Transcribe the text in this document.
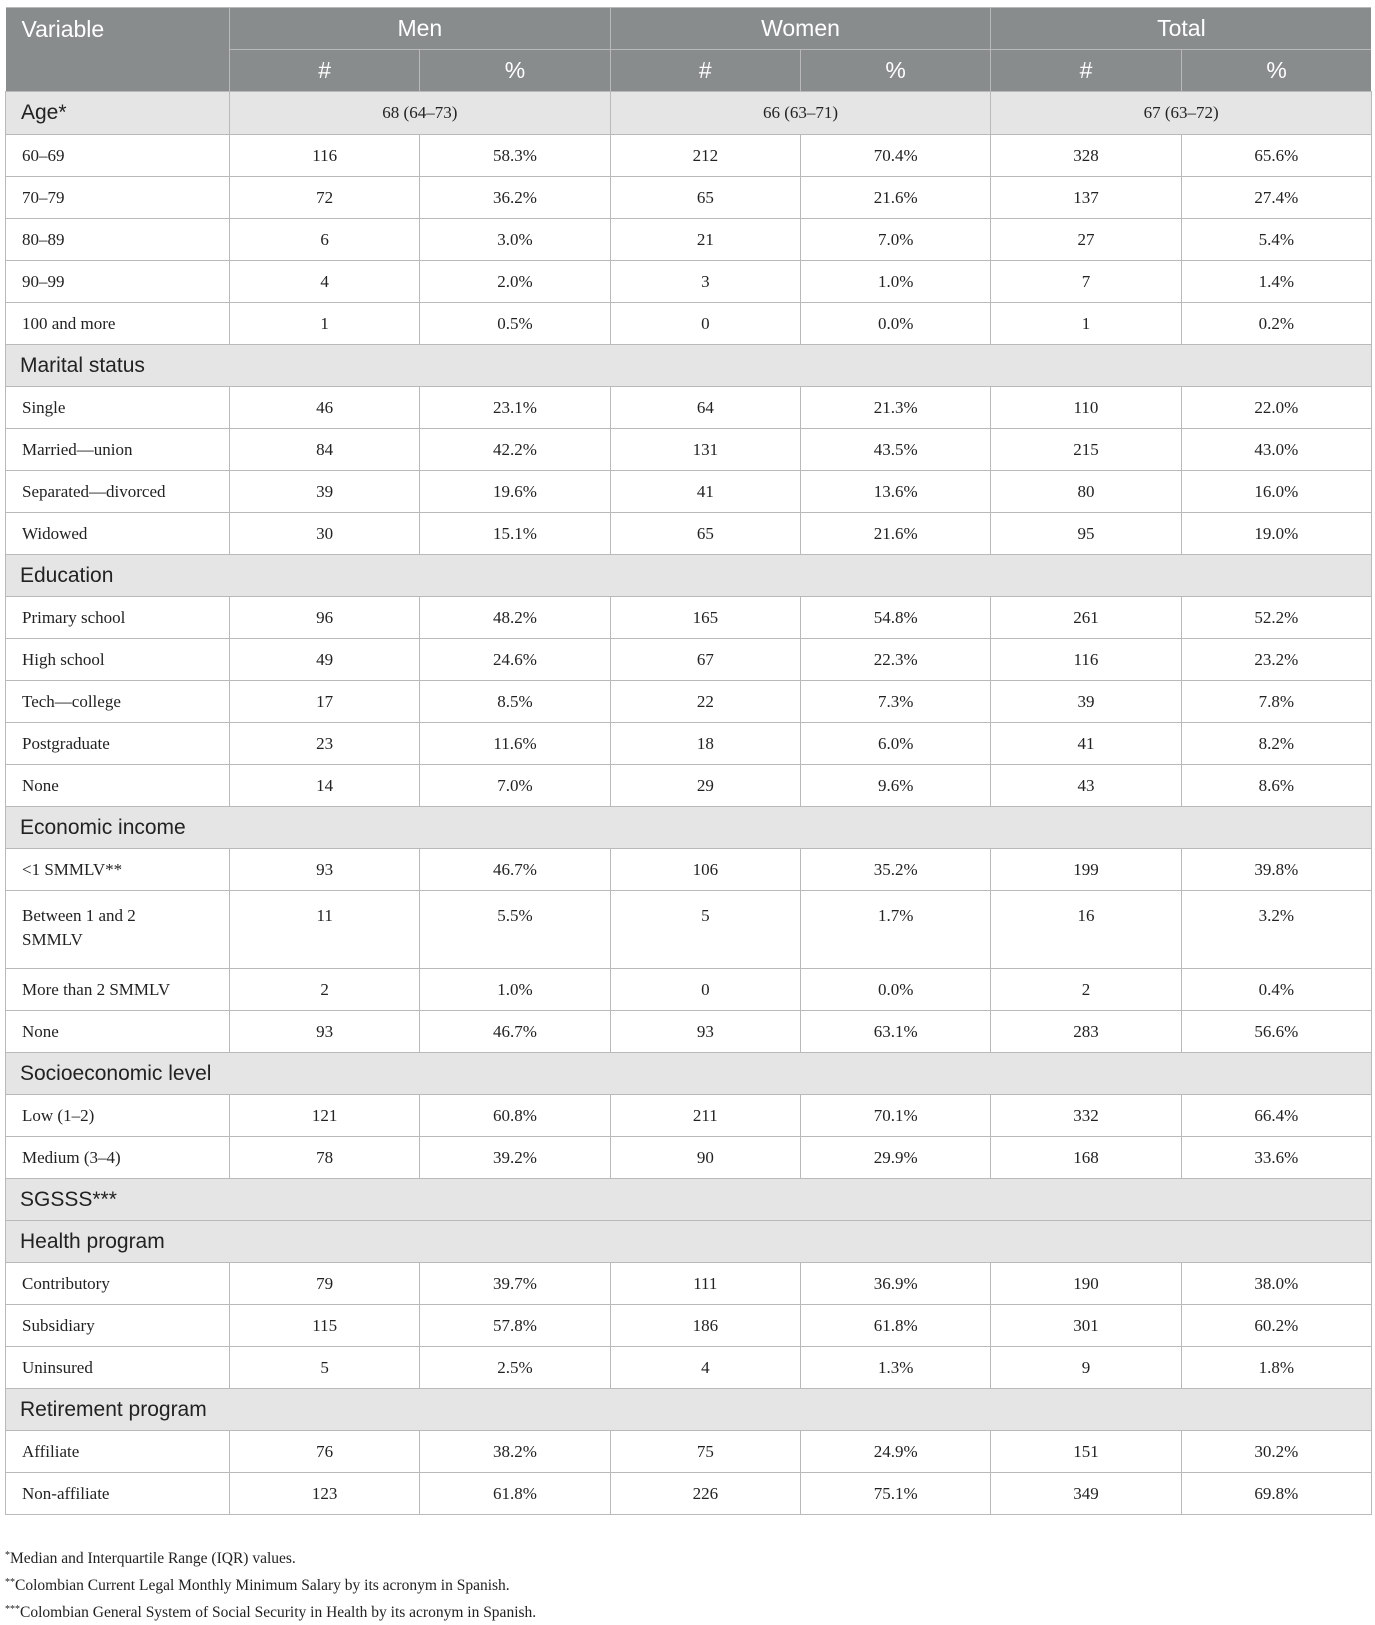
Variable	Men		Women		Total	
	#	%	#	%	#	%
Age*	68 (64–73)		66 (63–71)		67 (63–72)	
60–69	116	58.3%	212	70.4%	328	65.6%
70–79	72	36.2%	65	21.6%	137	27.4%
80–89	6	3.0%	21	7.0%	27	5.4%
90–99	4	2.0%	3	1.0%	7	1.4%
100 and more	1	0.5%	0	0.0%	1	0.2%
Marital status						
Single	46	23.1%	64	21.3%	110	22.0%
Married—union	84	42.2%	131	43.5%	215	43.0%
Separated—divorced	39	19.6%	41	13.6%	80	16.0%
Widowed	30	15.1%	65	21.6%	95	19.0%
Education						
Primary school	96	48.2%	165	54.8%	261	52.2%
High school	49	24.6%	67	22.3%	116	23.2%
Tech—college	17	8.5%	22	7.3%	39	7.8%
Postgraduate	23	11.6%	18	6.0%	41	8.2%
None	14	7.0%	29	9.6%	43	8.6%
Economic income						
<1 SMMLV**	93	46.7%	106	35.2%	199	39.8%
Between 1 and 2 SMMLV	11	5.5%	5	1.7%	16	3.2%
More than 2 SMMLV	2	1.0%	0	0.0%	2	0.4%
None	93	46.7%	93	63.1%	283	56.6%
Socioeconomic level						
Low (1–2)	121	60.8%	211	70.1%	332	66.4%
Medium (3–4)	78	39.2%	90	29.9%	168	33.6%
SGSSS***						
Health program						
Contributory	79	39.7%	111	36.9%	190	38.0%
Subsidiary	115	57.8%	186	61.8%	301	60.2%
Uninsured	5	2.5%	4	1.3%	9	1.8%
Retirement program						
Affiliate	76	38.2%	75	24.9%	151	30.2%
Non-affiliate	123	61.8%	226	75.1%	349	69.8%
*Median and Interquartile Range (IQR) values.
**Colombian Current Legal Monthly Minimum Salary by its acronym in Spanish.
***Colombian General System of Social Security in Health by its acronym in Spanish.
